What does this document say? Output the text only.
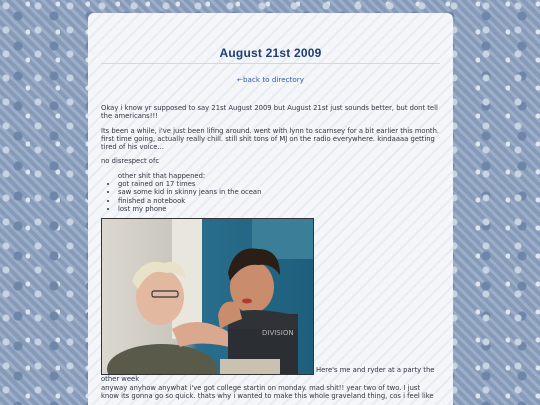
August 21st 2009
←back to directory

Okay i know yr supposed to say 21st August 2009 but August 21st just sounds better, but dont tell the americans!!!

Its been a while, i've just been lifing around. went with lynn to scarnsey for a bit earlier this month. first time going, actually really chill. still shit tons of MJ on the radio everywhere. kindaaaa getting tired of his voice...

no disrespect ofc

other shit that happened:
• got rained on 17 times
• saw some kid in skinny jeans in the ocean
• finished a notebook
• lost my phone
DIVISION
Here's me and ryder at a party the
other week

anyway anyhow anywhat i've got college startin on monday. mad shit!! year two of two. I just know its gonna go so quick. thats why i wanted to make this whole graveland thing, cos i feel like
